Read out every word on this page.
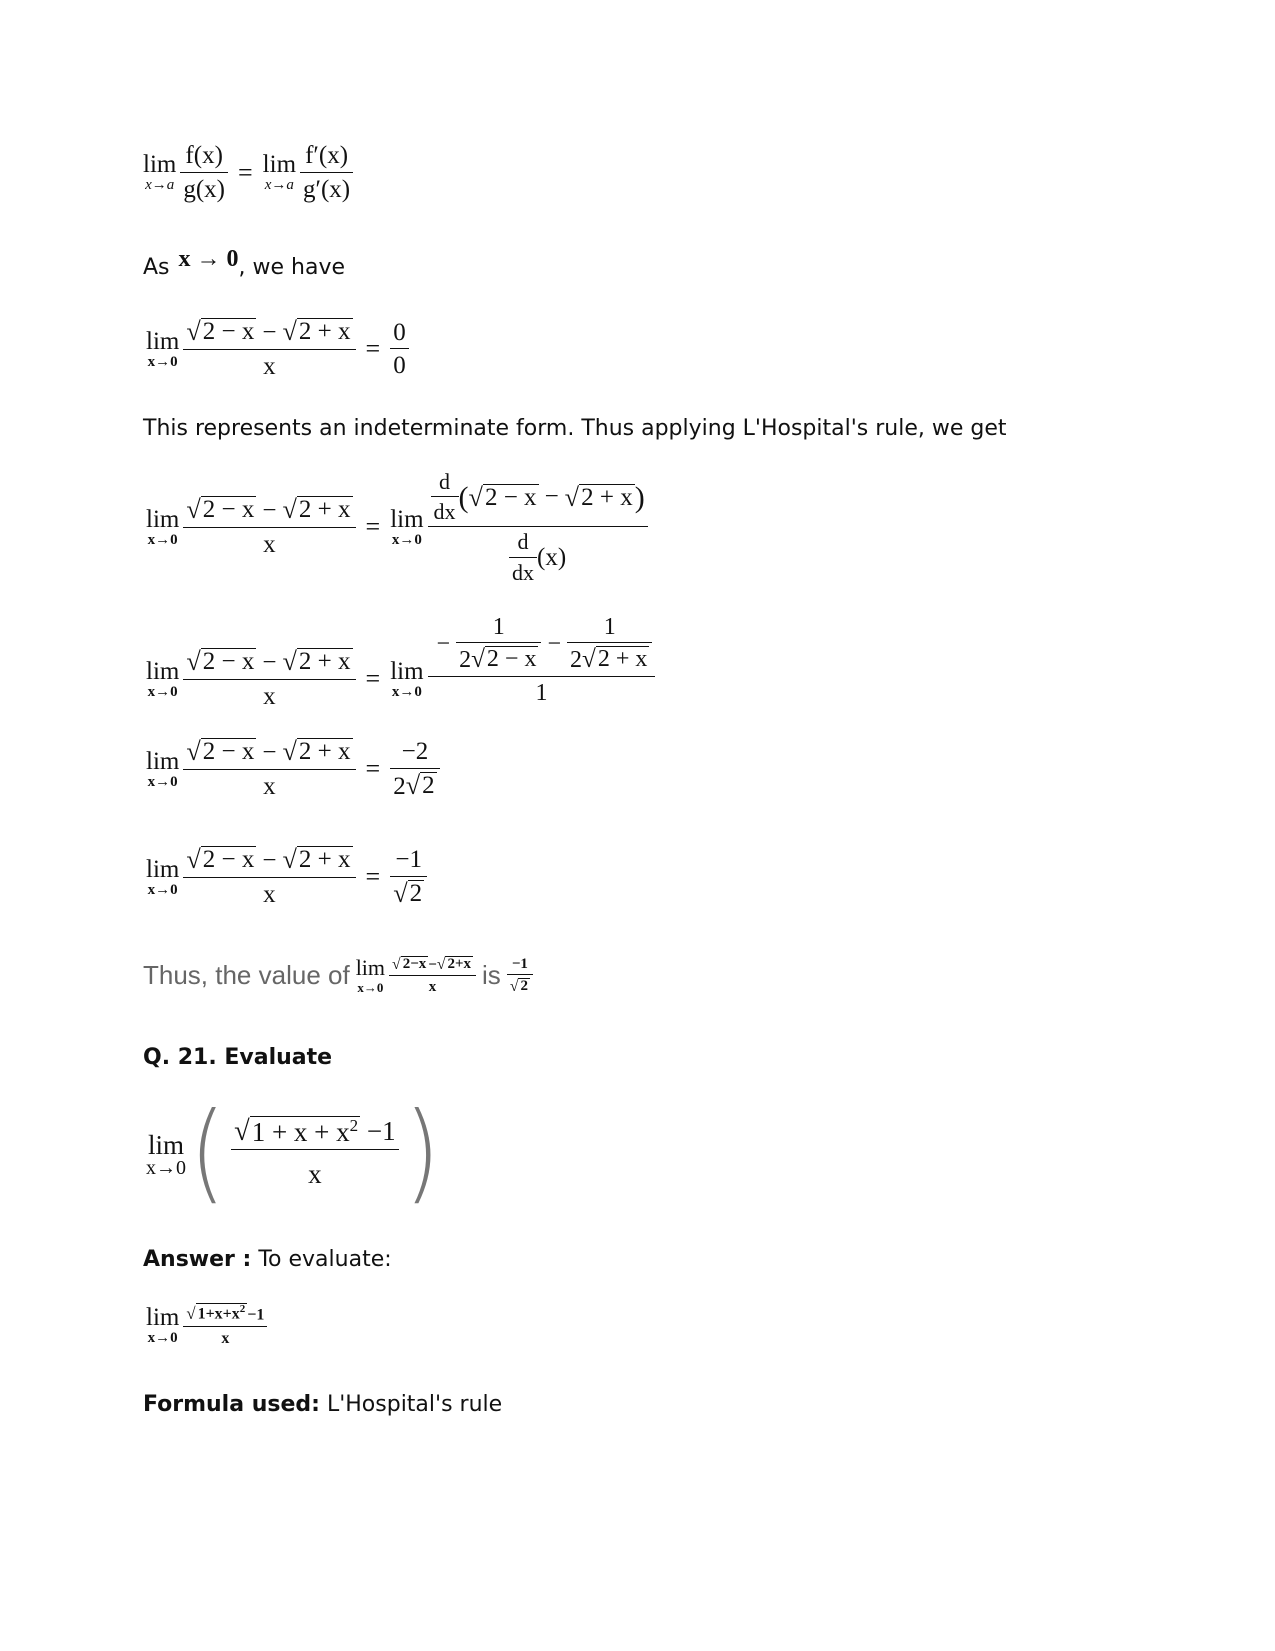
lim
$x\to a \frac{f(x)}{g(x)} = \lim$
$x\to a \frac{f'(x)}{g'(x)}$
As x → 0, we have
lim
$x\to 0 \frac{√ 2 - x - √ 2 + x}{x} = \frac{0}{0}$
This represents an indeterminate form. Thus applying L'Hospital's rule, we get
lim
$x\to 0 \frac{√ 2 - x - √ 2 + x}{x} = \lim$
$x\to 0 \frac{\frac{d}{dx} ( √ 2 - x - √ 2 + x )}{\frac{d}{dx} (x)}$
lim
$x\to 0 \frac{√ 2 - x - √ 2 + x}{x} = \lim$
$x\to 0 \frac{- \frac{1}{2 √ 2 - x} - \frac{1}{2 √ 2 + x}}{1}$
lim
$x\to 0 \frac{√ 2 - x - √ 2 + x}{x} = \frac{-2}{2 √ 2}$
lim
$x\to 0 \frac{√ 2 - x - √ 2 + x}{x} = \frac{-1}{√ 2}$
Thus, the value of lim
$x\to 0 \frac{√ 2-x - √ 2+x}{x}$ is $\frac{-1}{√ 2}$
Q. 21. Evaluate
lim
x→0 ( $\frac{√ 1 + x + x^2 -1}{x}$ )
Answer : To evaluate:
lim
$x\to 0 \frac{√ 1+x+x^2 -1}{x}$
Formula used: L'Hospital's rule
